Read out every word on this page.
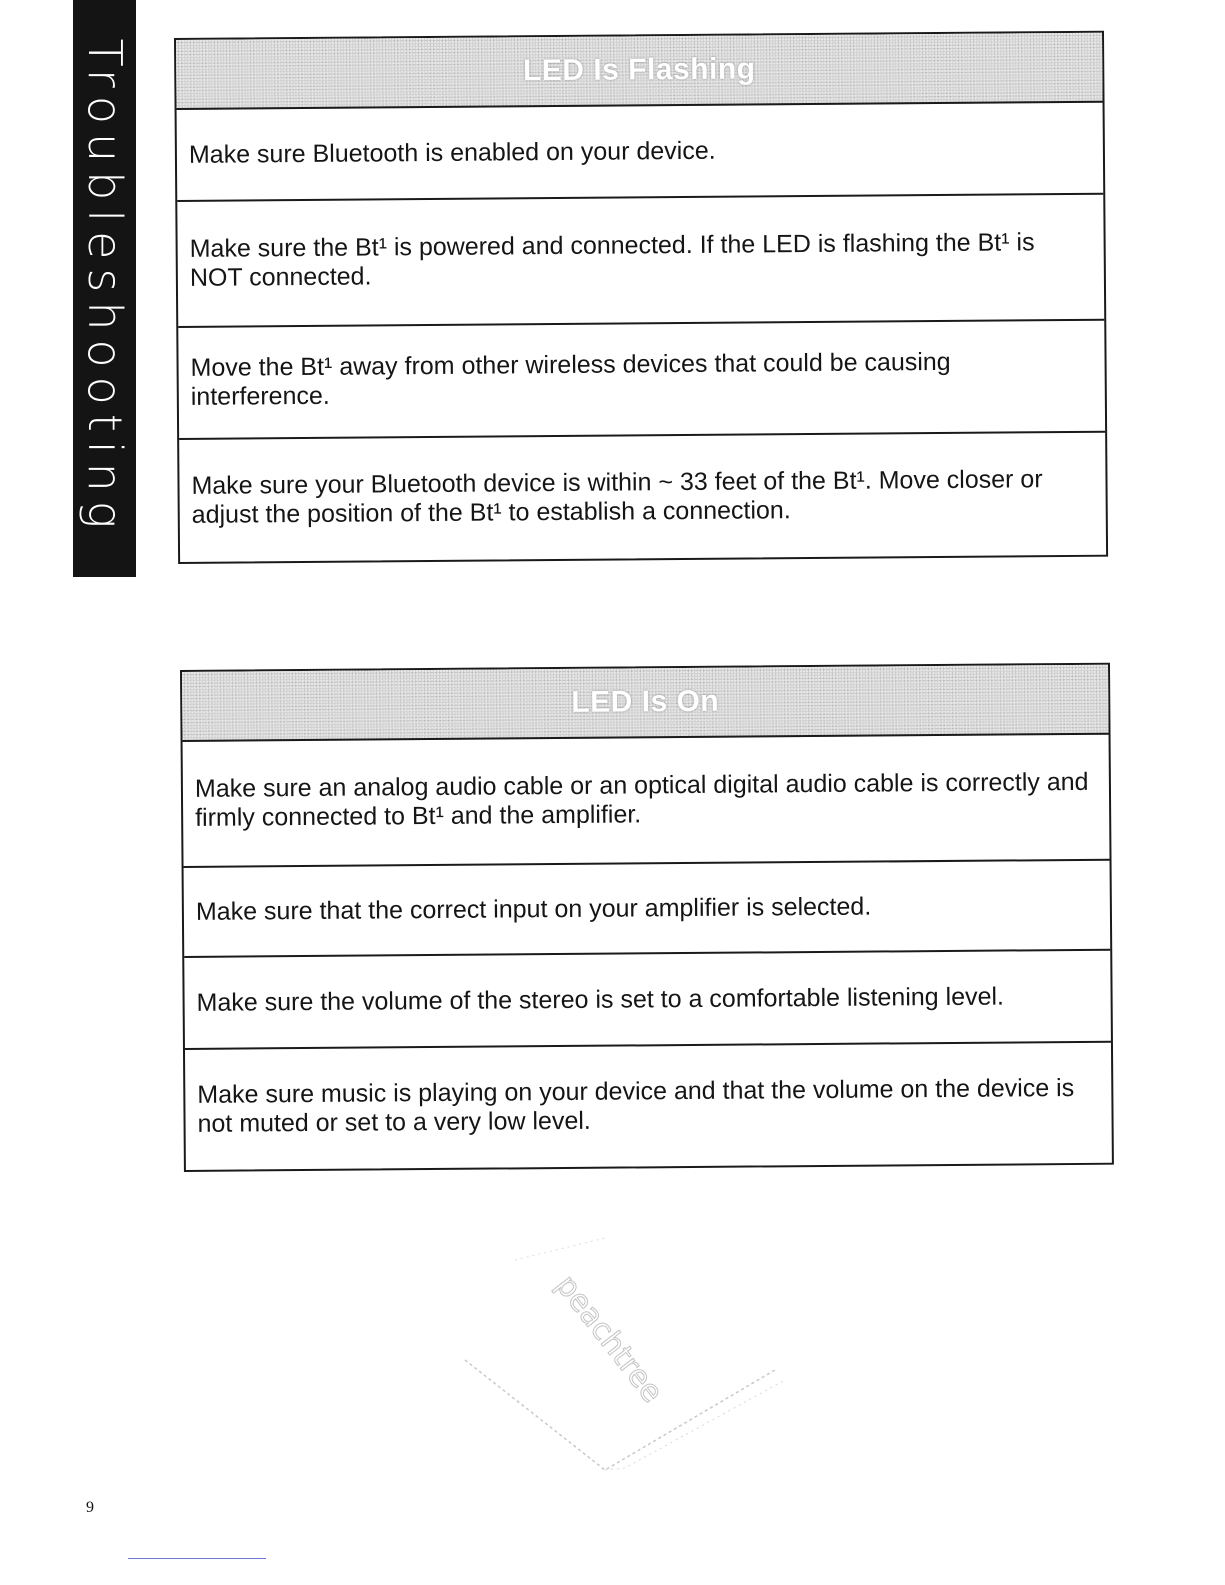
Troubleshooting	LED Is Flashing
Make sure Bluetooth is enabled on your device.
Make sure the Bt¹ is powered and connected. If the LED is flashing the Bt¹ is NOT connected.
Move the Bt¹ away from other wireless devices that could be causing interference.
Make sure your Bluetooth device is within ~ 33 feet of the Bt¹. Move closer or adjust the position of the Bt¹ to establish a connection.
LED Is On
Make sure an analog audio cable or an optical digital audio cable is correctly and firmly connected to Bt¹ and the amplifier.
Make sure that the correct input on your amplifier is selected.
Make sure the volume of the stereo is set to a comfortable listening level.
Make sure music is playing on your device and that the volume on the device is not muted or set to a very low level.
peachtree
9
